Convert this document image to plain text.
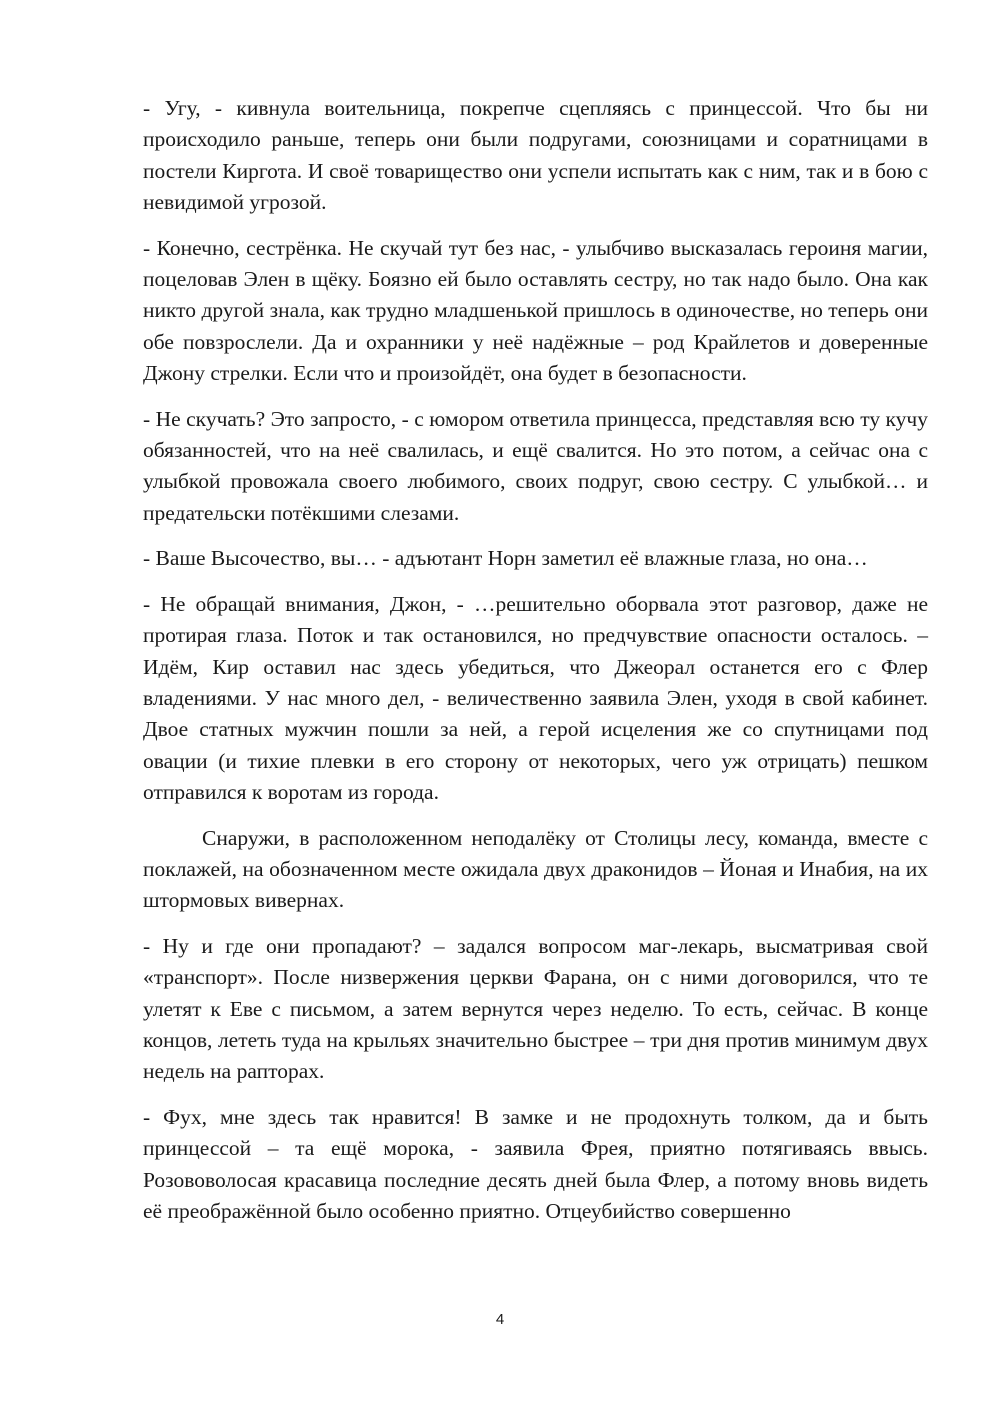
- Угу, - кивнула воительница, покрепче сцепляясь с принцессой. Что бы ни происходило раньше, теперь они были подругами, союзницами и соратницами в постели Киргота. И своё товарищество они успели испытать как с ним, так и в бою с невидимой угрозой.

- Конечно, сестрёнка. Не скучай тут без нас, - улыбчиво высказалась героиня магии, поцеловав Элен в щёку. Боязно ей было оставлять сестру, но так надо было. Она как никто другой знала, как трудно младшенькой пришлось в одиночестве, но теперь они обе повзрослели. Да и охранники у неё надёжные – род Крайлетов и доверенные Джону стрелки. Если что и произойдёт, она будет в безопасности.

- Не скучать? Это запросто, - с юмором ответила принцесса, представляя всю ту кучу обязанностей, что на неё свалилась, и ещё свалится. Но это потом, а сейчас она с улыбкой провожала своего любимого, своих подруг, свою сестру. С улыбкой… и предательски потёкшими слезами.

- Ваше Высочество, вы… - адъютант Норн заметил её влажные глаза, но она…

- Не обращай внимания, Джон, - …решительно оборвала этот разговор, даже не протирая глаза. Поток и так остановился, но предчувствие опасности осталось. – Идём, Кир оставил нас здесь убедиться, что Джеорал останется его с Флер владениями. У нас много дел, - величественно заявила Элен, уходя в свой кабинет. Двое статных мужчин пошли за ней, а герой исцеления же со спутницами под овации (и тихие плевки в его сторону от некоторых, чего уж отрицать) пешком отправился к воротам из города.

Снаружи, в расположенном неподалёку от Столицы лесу, команда, вместе с поклажей, на обозначенном месте ожидала двух драконидов – Йоная и Инабия, на их штормовых вивернах.

- Ну и где они пропадают? – задался вопросом маг-лекарь, высматривая свой «транспорт». После низвержения церкви Фарана, он с ними договорился, что те улетят к Еве с письмом, а затем вернутся через неделю. То есть, сейчас. В конце концов, лететь туда на крыльях значительно быстрее – три дня против минимум двух недель на рапторах.

- Фух, мне здесь так нравится! В замке и не продохнуть толком, да и быть принцессой – та ещё морока, - заявила Фрея, приятно потягиваясь ввысь. Розововолосая красавица последние десять дней была Флер, а потому вновь видеть её преображённой было особенно приятно. Отцеубийство совершенно

4
